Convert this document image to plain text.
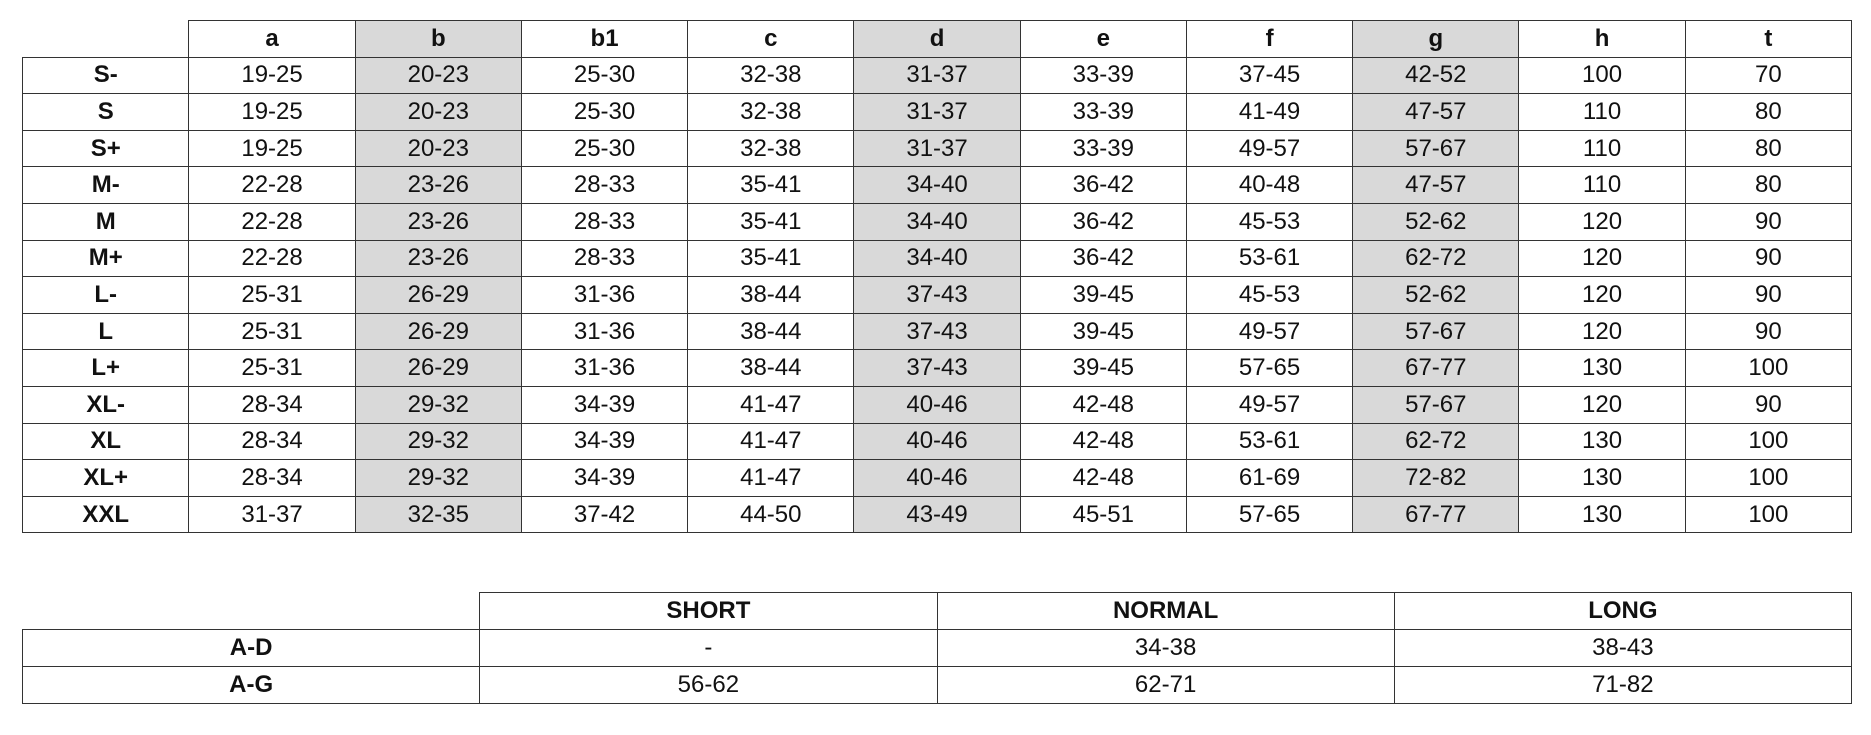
	a	b	b1	c	d	e	f	g	h	t
S-	19-25	20-23	25-30	32-38	31-37	33-39	37-45	42-52	100	70
S	19-25	20-23	25-30	32-38	31-37	33-39	41-49	47-57	110	80
S+	19-25	20-23	25-30	32-38	31-37	33-39	49-57	57-67	110	80
M-	22-28	23-26	28-33	35-41	34-40	36-42	40-48	47-57	110	80
M	22-28	23-26	28-33	35-41	34-40	36-42	45-53	52-62	120	90
M+	22-28	23-26	28-33	35-41	34-40	36-42	53-61	62-72	120	90
L-	25-31	26-29	31-36	38-44	37-43	39-45	45-53	52-62	120	90
L	25-31	26-29	31-36	38-44	37-43	39-45	49-57	57-67	120	90
L+	25-31	26-29	31-36	38-44	37-43	39-45	57-65	67-77	130	100
XL-	28-34	29-32	34-39	41-47	40-46	42-48	49-57	57-67	120	90
XL	28-34	29-32	34-39	41-47	40-46	42-48	53-61	62-72	130	100
XL+	28-34	29-32	34-39	41-47	40-46	42-48	61-69	72-82	130	100
XXL	31-37	32-35	37-42	44-50	43-49	45-51	57-65	67-77	130	100
	SHORT	NORMAL	LONG
A-D	-	34-38	38-43
A-G	56-62	62-71	71-82
